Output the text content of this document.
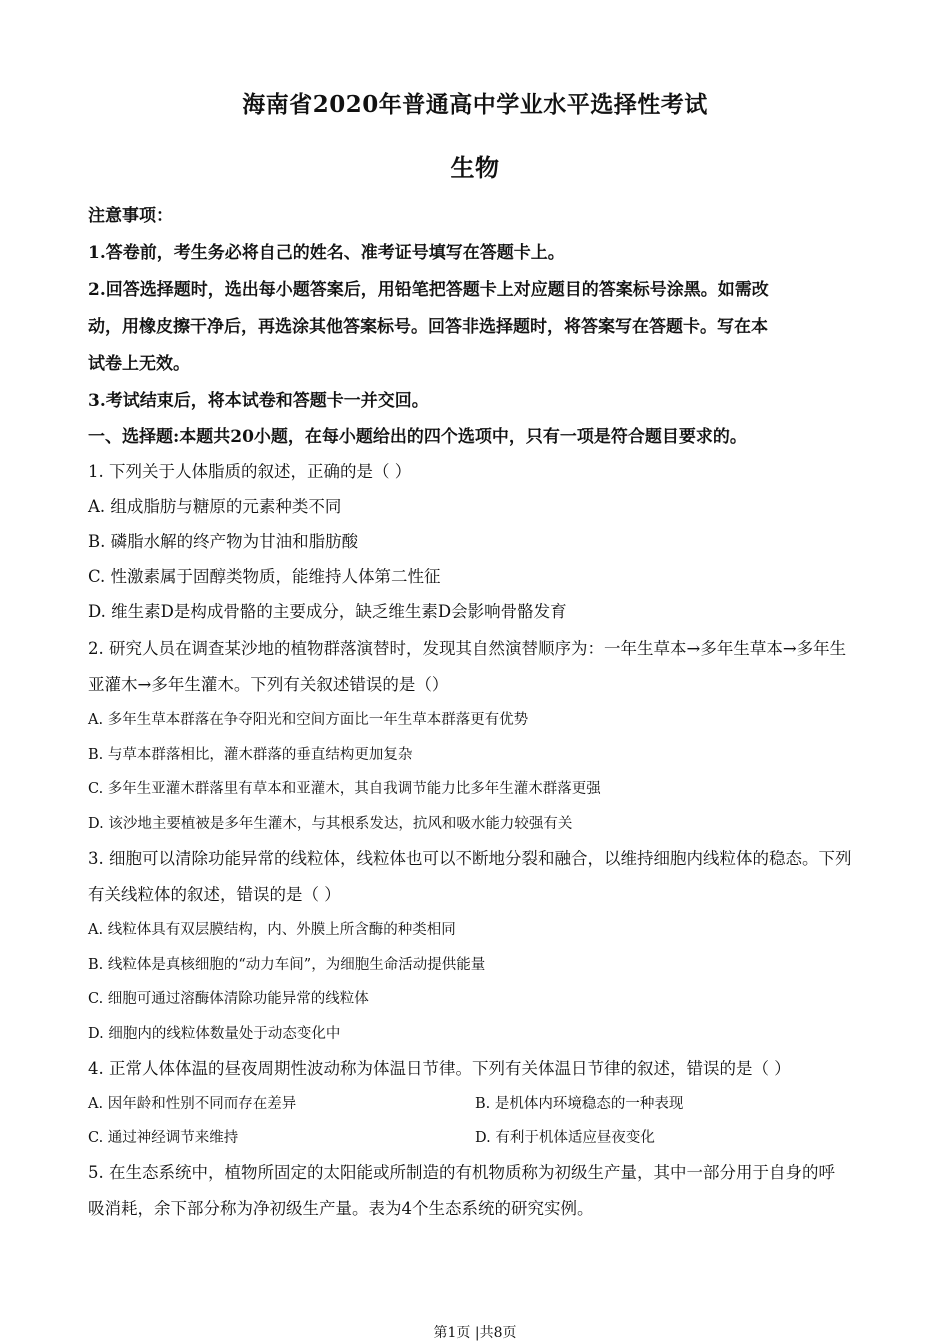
海南省2020年普通高中学业水平选择性考试
生物
注意事项：
1.答卷前，考生务必将自己的姓名、准考证号填写在答题卡上。
2.回答选择题时，选出每小题答案后，用铅笔把答题卡上对应题目的答案标号涂黑。如需改
动，用橡皮擦干净后，再选涂其他答案标号。回答非选择题时，将答案写在答题卡。写在本
试卷上无效。
3.考试结束后，将本试卷和答题卡一并交回。
一、选择题:本题共20小题，在每小题给出的四个选项中，只有一项是符合题目要求的。
1. 下列关于人体脂质的叙述，正确的是（ ）
A. 组成脂肪与糖原的元素种类不同
B. 磷脂水解的终产物为甘油和脂肪酸
C. 性激素属于固醇类物质，能维持人体第二性征
D. 维生素D是构成骨骼的主要成分，缺乏维生素D会影响骨骼发育
2. 研究人员在调查某沙地的植物群落演替时，发现其自然演替顺序为：一年生草本→多年生草本→多年生
亚灌木→多年生灌木。下列有关叙述错误的是（）
A. 多年生草本群落在争夺阳光和空间方面比一年生草本群落更有优势
B. 与草本群落相比，灌木群落的垂直结构更加复杂
C. 多年生亚灌木群落里有草本和亚灌木，其自我调节能力比多年生灌木群落更强
D. 该沙地主要植被是多年生灌木，与其根系发达，抗风和吸水能力较强有关
3. 细胞可以清除功能异常的线粒体，线粒体也可以不断地分裂和融合，以维持细胞内线粒体的稳态。下列
有关线粒体的叙述，错误的是（ ）
A. 线粒体具有双层膜结构，内、外膜上所含酶的种类相同
B. 线粒体是真核细胞的“动力车间”，为细胞生命活动提供能量
C. 细胞可通过溶酶体清除功能异常的线粒体
D. 细胞内的线粒体数量处于动态变化中
4. 正常人体体温的昼夜周期性波动称为体温日节律。下列有关体温日节律的叙述，错误的是（ ）
A. 因年龄和性别不同而存在差异	B. 是机体内环境稳态的一种表现
C. 通过神经调节来维持	D. 有利于机体适应昼夜变化
5. 在生态系统中，植物所固定的太阳能或所制造的有机物质称为初级生产量，其中一部分用于自身的呼
吸消耗，余下部分称为净初级生产量。表为4个生态系统的研究实例。
第1页 |共8页
